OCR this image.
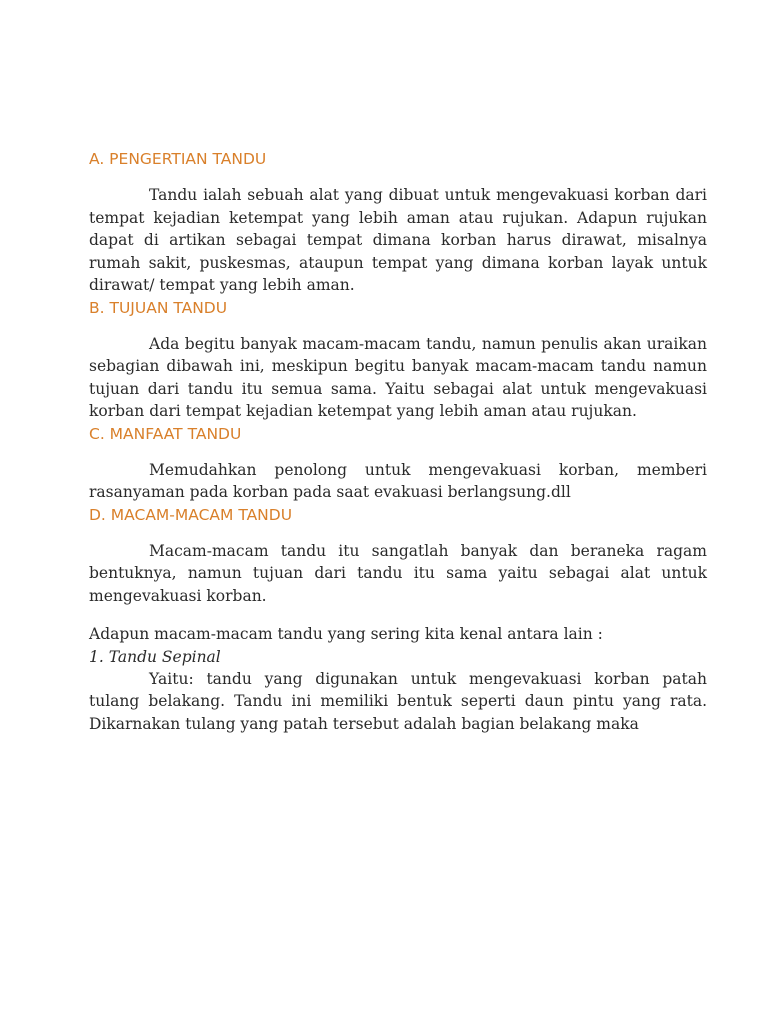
A. PENGERTIAN TANDU

Tandu ialah sebuah alat yang dibuat untuk mengevakuasi korban dari tempat kejadian ketempat yang lebih aman atau rujukan. Adapun rujukan dapat di artikan sebagai tempat dimana korban harus dirawat, misalnya rumah sakit, puskesmas, ataupun tempat yang dimana korban layak untuk dirawat/ tempat yang lebih aman.

B. TUJUAN TANDU

Ada begitu banyak macam-macam tandu, namun penulis akan uraikan sebagian dibawah ini, meskipun begitu banyak macam-macam tandu namun tujuan dari tandu itu semua sama. Yaitu sebagai alat untuk mengevakuasi korban dari tempat kejadian ketempat yang lebih aman atau rujukan.

C. MANFAAT TANDU

Memudahkan penolong untuk mengevakuasi korban, memberi rasanyaman pada korban pada saat evakuasi berlangsung.dll

D. MACAM-MACAM TANDU

Macam-macam tandu itu sangatlah banyak dan beraneka ragam bentuknya, namun tujuan dari tandu itu sama yaitu sebagai alat untuk mengevakuasi korban.

Adapun macam-macam tandu yang sering kita kenal antara lain :

1. Tandu Sepinal

Yaitu: tandu yang digunakan untuk mengevakuasi korban patah tulang belakang. Tandu ini memiliki bentuk seperti daun pintu yang rata. Dikarnakan tulang yang patah tersebut adalah bagian belakang maka
